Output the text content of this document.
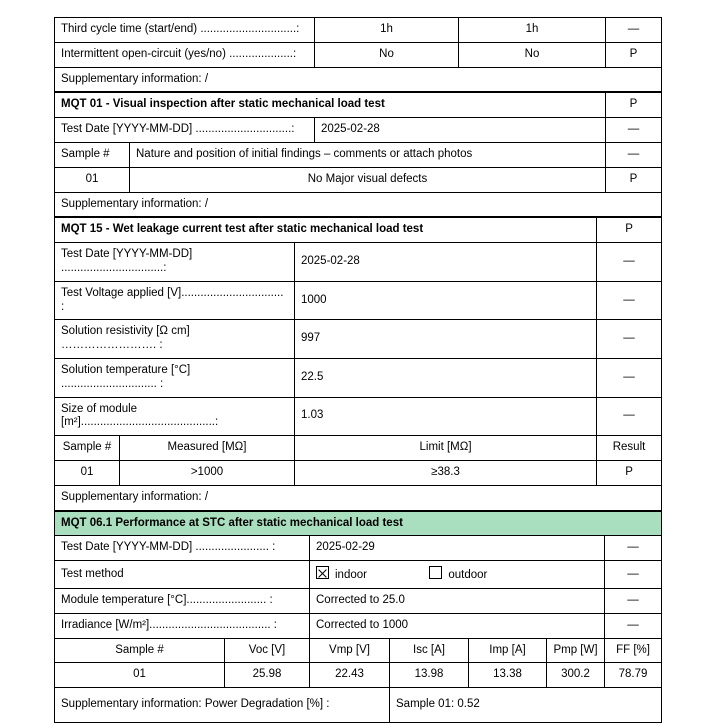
Third cycle time (start/end) ..............................:	1h	1h	—
Intermittent open-circuit (yes/no) ....................:	No	No	P
Supplementary information: /			
MQT 01 - Visual inspection after static mechanical load test			P
Test Date [YYYY-MM-DD] ..............................:		2025-02-28	—
Sample #	Nature and position of initial findings – comments or attach photos		—
01	No Major visual defects		P
Supplementary information: /			
MQT 15 - Wet leakage current test after static mechanical load test			P
Test Date [YYYY-MM-DD] ................................:		2025-02-28	—
Test Voltage applied [V]................................ :		1000	—
Solution resistivity [Ω cm] ……………………. :		997	—
Solution temperature [°C] .............................. :		22.5	—
Size of module [m²]..........................................:		1.03	—
Sample #	Measured [MΩ]	Limit [MΩ]	Result
01	>1000	≥38.3	P
Supplementary information: /			
MQT 06.1 Performance at STC after static mechanical load test						
Test Date [YYYY-MM-DD] ....................... :		2025-02-29				—
Test method		indoor outdoor				—
Module temperature [°C]......................... :		Corrected to 25.0				—
Irradiance [W/m²]...................................... :		Corrected to 1000				—
Sample #	Voc [V]	Vmp [V]	Isc [A]	Imp [A]	Pmp [W]	FF [%]
01	25.98	22.43	13.98	13.38	300.2	78.79
Supplementary information: Power Degradation [%] :			Sample 01: 0.52			
